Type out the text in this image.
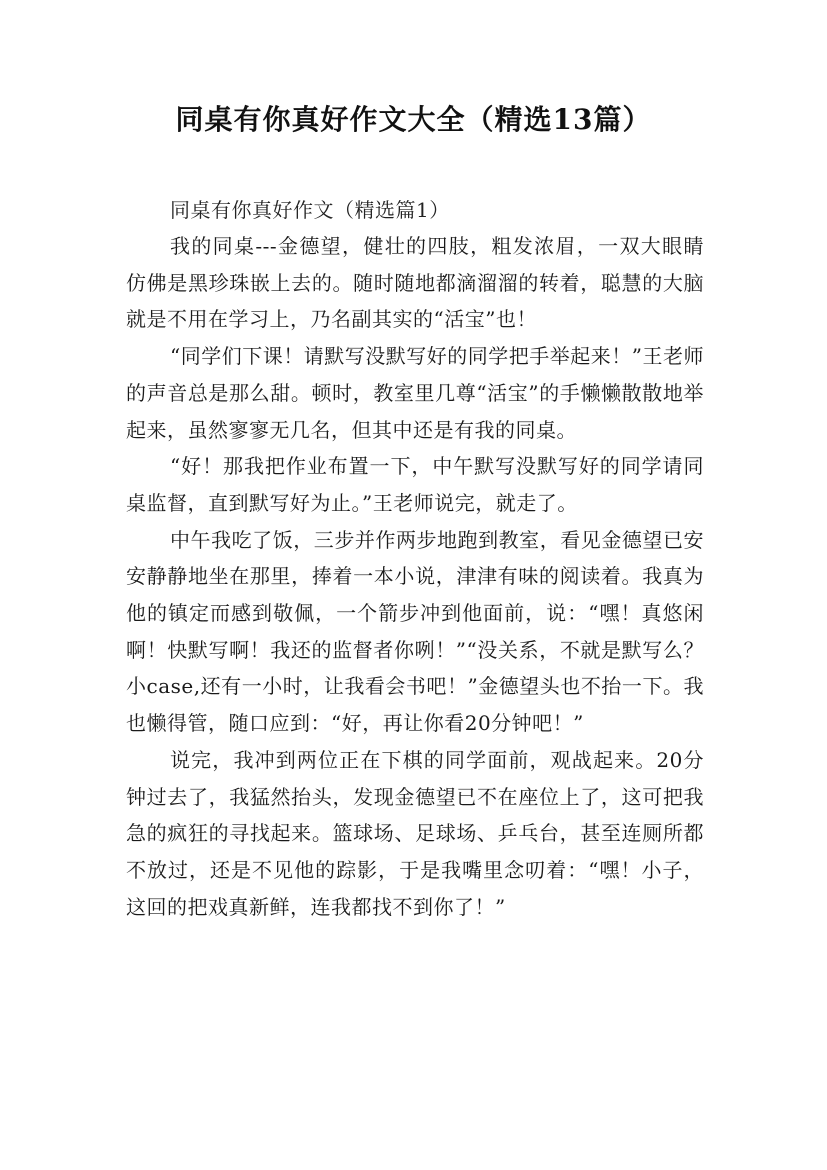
同桌有你真好作文大全（精选13篇）

同桌有你真好作文（精选篇1）

我的同桌---金德望，健壮的四肢，粗发浓眉，一双大眼睛仿佛是黑珍珠嵌上去的。随时随地都滴溜溜的转着，聪慧的大脑就是不用在学习上，乃名副其实的“活宝”也！

“同学们下课！请默写没默写好的同学把手举起来！”王老师的声音总是那么甜。顿时，教室里几尊“活宝”的手懒懒散散地举起来，虽然寥寥无几名，但其中还是有我的同桌。

“好！那我把作业布置一下，中午默写没默写好的同学请同桌监督，直到默写好为止。”王老师说完，就走了。

中午我吃了饭，三步并作两步地跑到教室，看见金德望已安安静静地坐在那里，捧着一本小说，津津有味的阅读着。我真为他的镇定而感到敬佩，一个箭步冲到他面前，说：“嘿！真悠闲啊！快默写啊！我还的监督者你咧！”“没关系，不就是默写么？小case,还有一小时，让我看会书吧！”金德望头也不抬一下。我也懒得管，随口应到：“好，再让你看20分钟吧！”

说完，我冲到两位正在下棋的同学面前，观战起来。20分钟过去了，我猛然抬头，发现金德望已不在座位上了，这可把我急的疯狂的寻找起来。篮球场、足球场、乒乓台，甚至连厕所都不放过，还是不见他的踪影，于是我嘴里念叨着：“嘿！小子，这回的把戏真新鲜，连我都找不到你了！”
